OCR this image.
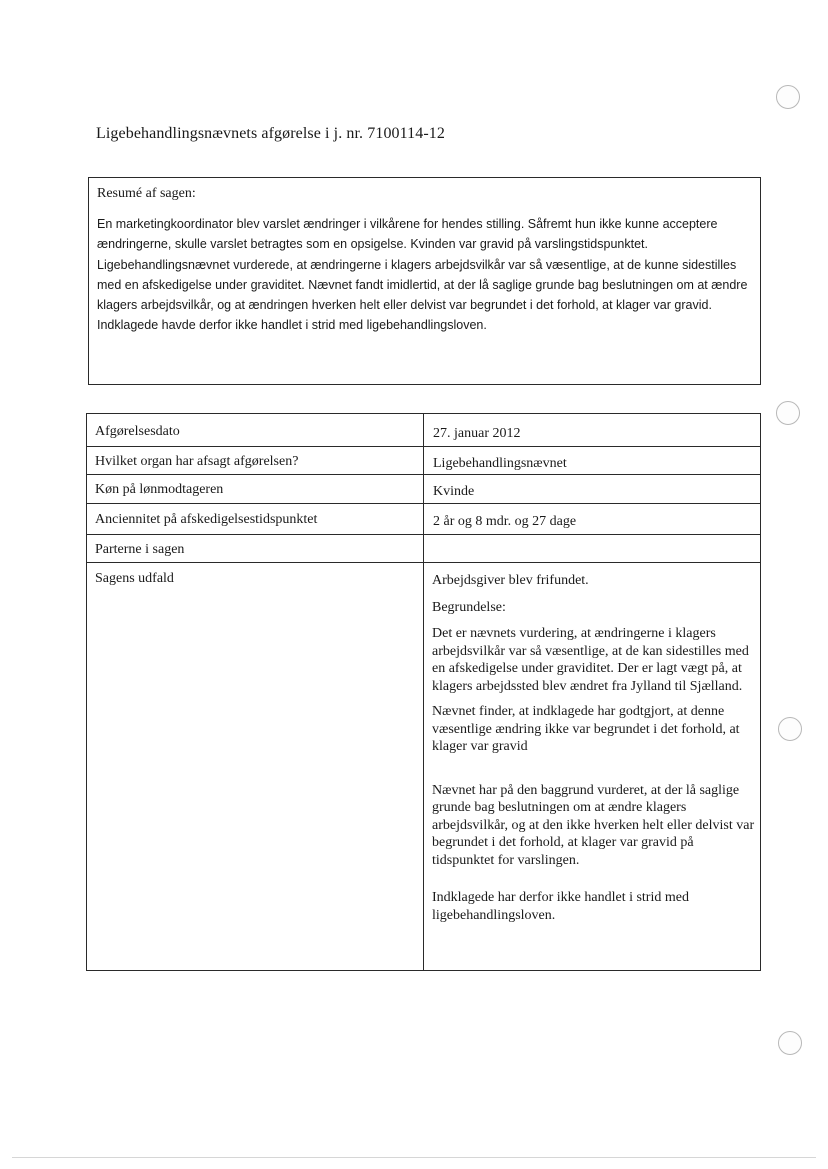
Ligebehandlingsnævnets afgørelse i j. nr. 7100114-12
Resumé af sagen:
En marketingkoordinator blev varslet ændringer i vilkårene for hendes stilling. Såfremt hun ikke kunne acceptere ændringerne, skulle varslet betragtes som en opsigelse. Kvinden var gravid på varslingstidspunktet. Ligebehandlingsnævnet vurderede, at ændringerne i klagers arbejdsvilkår var så væsentlige, at de kunne sidestilles med en afskedigelse under graviditet. Nævnet fandt imidlertid, at der lå saglige grunde bag beslutningen om at ændre klagers arbejdsvilkår, og at ændringen hverken helt eller delvist var begrundet i det forhold, at klager var gravid. Indklagede havde derfor ikke handlet i strid med ligebehandlingsloven.
Afgørelsesdato	27. januar 2012
Hvilket organ har afsagt afgørelsen?	Ligebehandlingsnævnet
Køn på lønmodtageren	Kvinde
Anciennitet på afskedigelsestidspunktet	2 år og 8 mdr. og 27 dage
Parterne i sagen
Sagens udfald	Arbejdsgiver blev frifundet.

Begrundelse:

Det er nævnets vurdering, at ændringerne i klagers arbejdsvilkår var så væsentlige, at de kan sidestilles med en afskedigelse under graviditet. Der er lagt vægt på, at klagers arbejdssted blev ændret fra Jylland til Sjælland.

Nævnet finder, at indklagede har godtgjort, at denne væsentlige ændring ikke var begrundet i det forhold, at klager var gravid

Nævnet har på den baggrund vurderet, at der lå saglige grunde bag beslutningen om at ændre klagers arbejdsvilkår, og at den ikke hverken helt eller delvist var begrundet i det forhold, at klager var gravid på tidspunktet for varslingen.

Indklagede har derfor ikke handlet i strid med ligebehandlingsloven.
